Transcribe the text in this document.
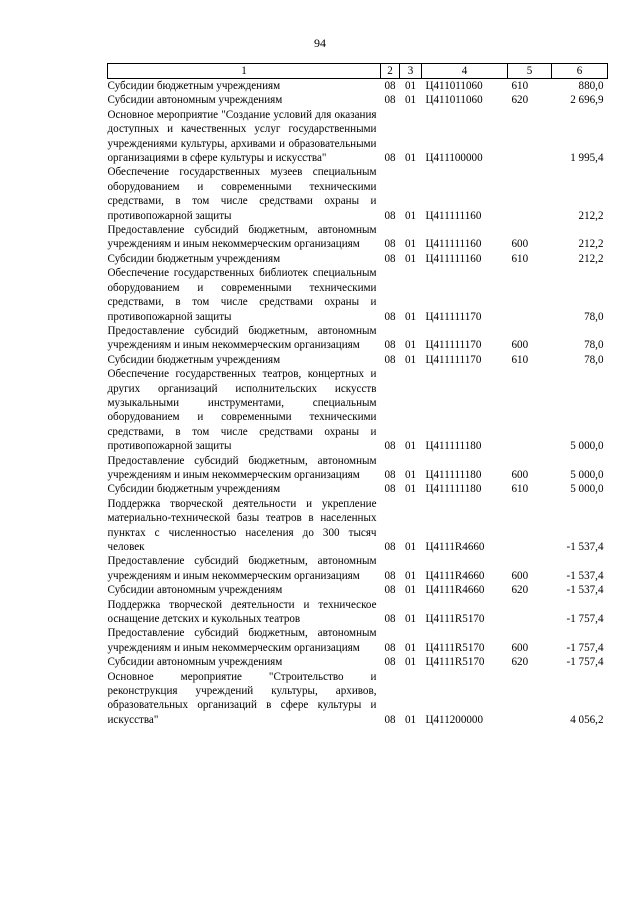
94
1	2	3	4	5	6
Субсидии бюджетным учреждениям	08	01	Ц411011060	610	880,0
Субсидии автономным учреждениям	08	01	Ц411011060	620	2 696,9
Основное мероприятие "Создание условий для оказания доступных и качественных услуг государственными учреждениями культуры, архивами и образовательными организациями в сфере культуры и искусства"	08	01	Ц411100000		1 995,4
Обеспечение государственных музеев специальным оборудованием и современными техническими средствами, в том числе средствами охраны и противопожарной защиты	08	01	Ц411111160		212,2
Предоставление субсидий бюджетным, автономным учреждениям и иным некоммерческим организациям	08	01	Ц411111160	600	212,2
Субсидии бюджетным учреждениям	08	01	Ц411111160	610	212,2
Обеспечение государственных библиотек специальным оборудованием и современными техническими средствами, в том числе средствами охраны и противопожарной защиты	08	01	Ц411111170		78,0
Предоставление субсидий бюджетным, автономным учреждениям и иным некоммерческим организациям	08	01	Ц411111170	600	78,0
Субсидии бюджетным учреждениям	08	01	Ц411111170	610	78,0
Обеспечение государственных театров, концертных и других организаций исполнительских искусств музыкальными инструментами, специальным оборудованием и современными техническими средствами, в том числе средствами охраны и противопожарной защиты	08	01	Ц411111180		5 000,0
Предоставление субсидий бюджетным, автономным учреждениям и иным некоммерческим организациям	08	01	Ц411111180	600	5 000,0
Субсидии бюджетным учреждениям	08	01	Ц411111180	610	5 000,0
Поддержка творческой деятельности и укрепление материально-технической базы театров в населенных пунктах с численностью населения до 300 тысяч человек	08	01	Ц4111R4660		-1 537,4
Предоставление субсидий бюджетным, автономным учреждениям и иным некоммерческим организациям	08	01	Ц4111R4660	600	-1 537,4
Субсидии автономным учреждениям	08	01	Ц4111R4660	620	-1 537,4
Поддержка творческой деятельности и техническое оснащение детских и кукольных театров	08	01	Ц4111R5170		-1 757,4
Предоставление субсидий бюджетным, автономным учреждениям и иным некоммерческим организациям	08	01	Ц4111R5170	600	-1 757,4
Субсидии автономным учреждениям	08	01	Ц4111R5170	620	-1 757,4
Основное мероприятие "Строительство и реконструкция учреждений культуры, архивов, образовательных организаций в сфере культуры и искусства"	08	01	Ц411200000		4 056,2
